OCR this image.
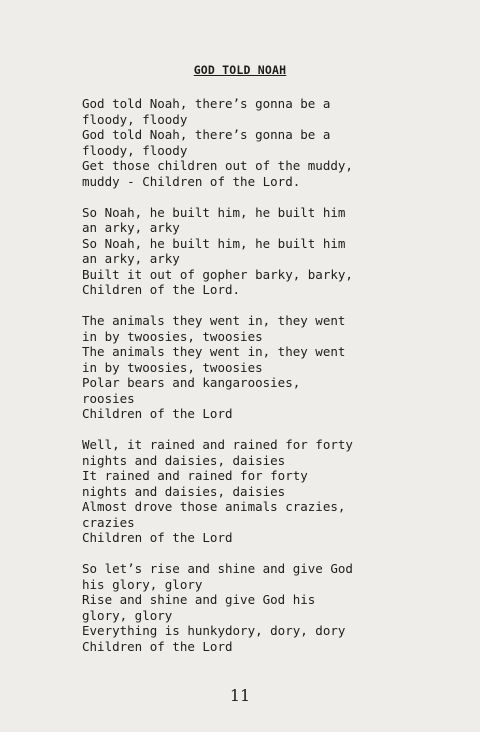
GOD TOLD NOAH
God told Noah, there’s gonna be a
floody, floody
God told Noah, there’s gonna be a
floody, floody
Get those children out of the muddy,
muddy - Children of the Lord.
So Noah, he built him, he built him
an arky, arky
So Noah, he built him, he built him
an arky, arky
Built it out of gopher barky, barky,
Children of the Lord.
The animals they went in, they went
in by twoosies, twoosies
The animals they went in, they went
in by twoosies, twoosies
Polar bears and kangaroosies,
roosies
Children of the Lord
Well, it rained and rained for forty
nights and daisies, daisies
It rained and rained for forty
nights and daisies, daisies
Almost drove those animals crazies,
crazies
Children of the Lord
So let’s rise and shine and give God
his glory, glory
Rise and shine and give God his
glory, glory
Everything is hunkydory, dory, dory
Children of the Lord
11
